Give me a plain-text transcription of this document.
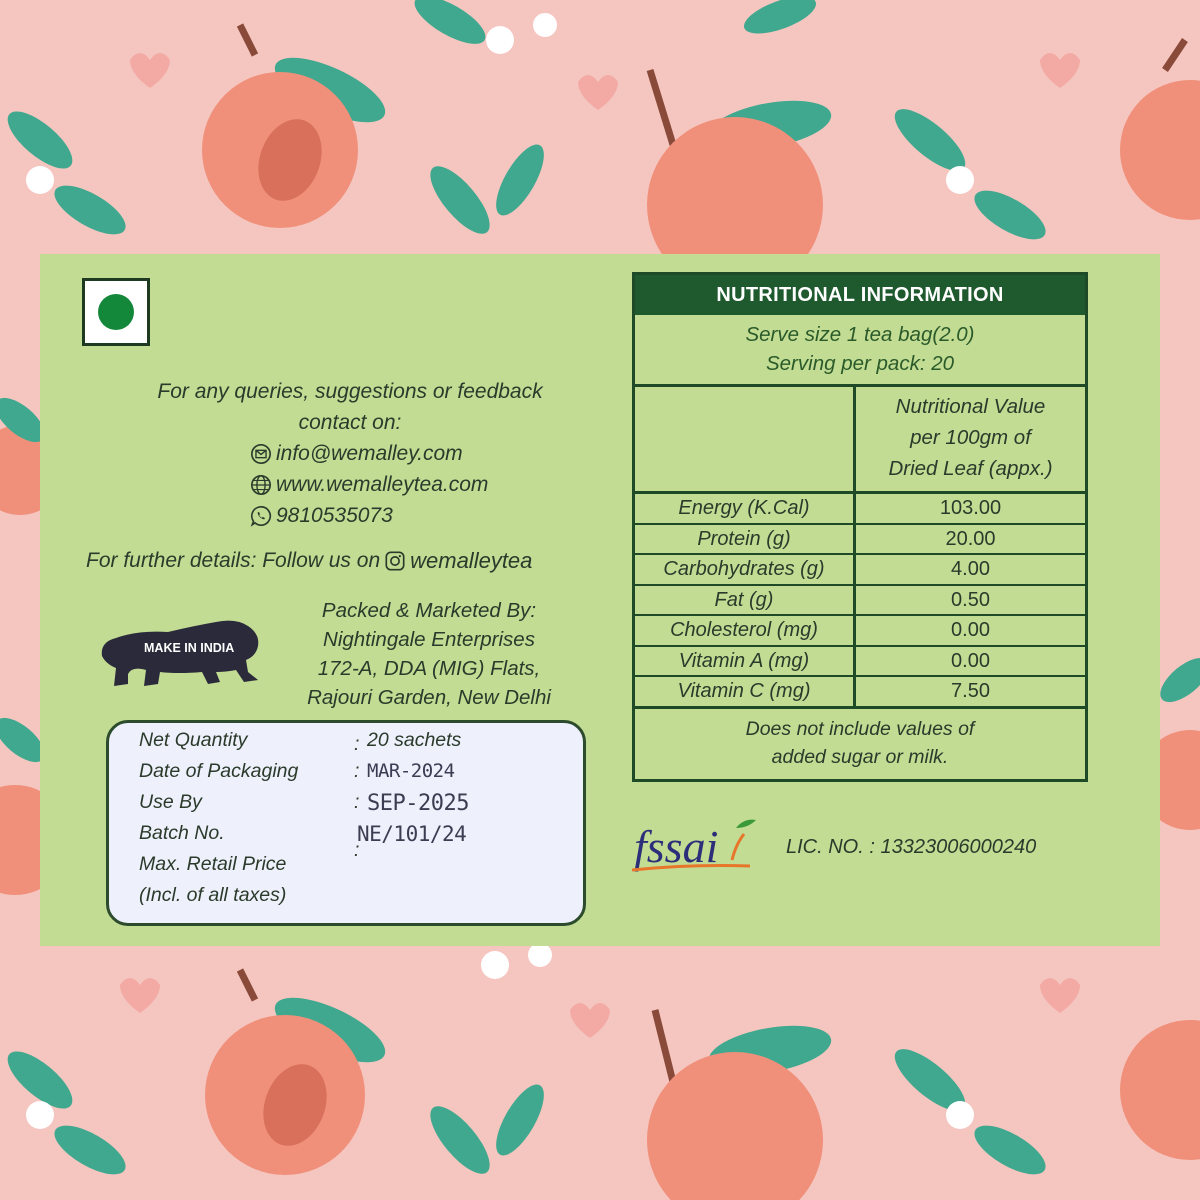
For any queries, suggestions or feedback
contact on:
info@wemalley.com
www.wemalleytea.com
9810535073
For further details: Follow us on wemalleytea
MAKE IN INDIA
Packed & Marketed By:
Nightingale Enterprises
172-A, DDA (MIG) Flats,
Rajouri Garden, New Delhi
Net Quantity	: 20 sachets
Date of Packaging	: MAR-2024
Use By	: SEP-2025
Batch No.	NE/101/24
Max. Retail Price
:
(Incl. of all taxes)
NUTRITIONAL INFORMATION
Serve size 1 tea bag(2.0)
Serving per pack: 20
Nutritional Value
per 100gm of
Dried Leaf (appx.)
Energy (K.Cal)	103.00
Protein (g)	20.00
Carbohydrates (g)	4.00
Fat (g)	0.50
Cholesterol (mg)	0.00
Vitamin A (mg)	0.00
Vitamin C (mg)	7.50
Does not include values of
added sugar or milk.
fssai	LIC. NO. : 13323006000240
